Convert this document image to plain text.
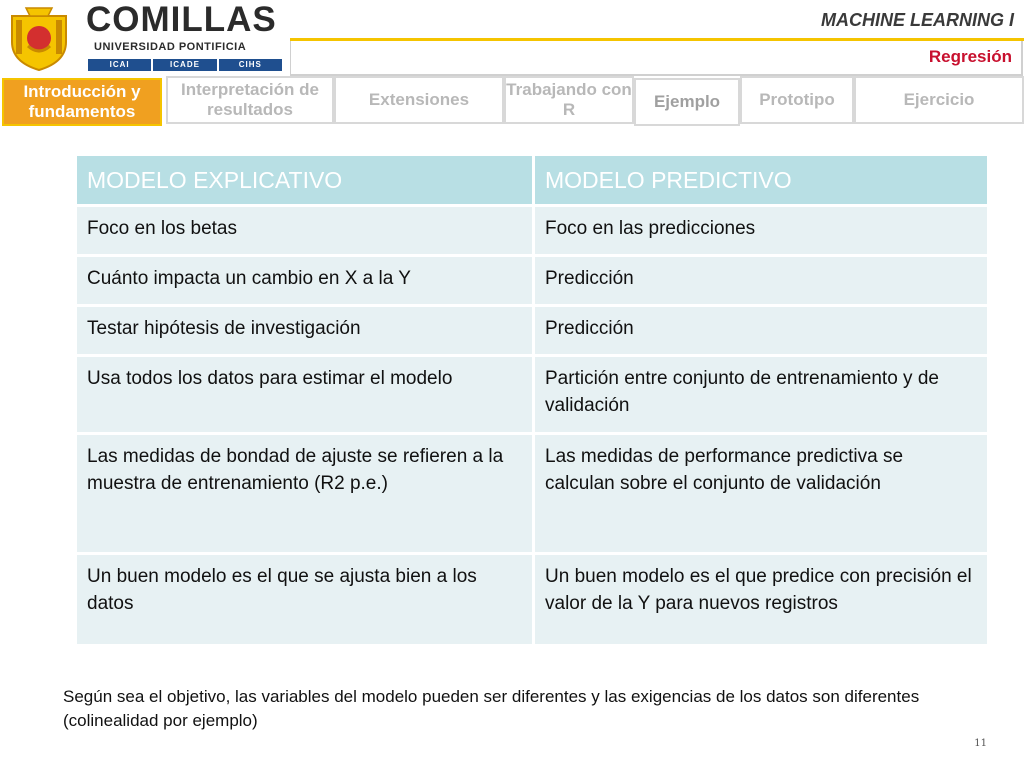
COMILLAS
UNIVERSIDAD PONTIFICIA
ICAI	ICADE	CIHS
MACHINE LEARNING I
Regresión
Introducción y fundamentos
Interpretación de resultados
Extensiones
Trabajando con R	Ejemplo Prototipo	Ejercicio
MODELO EXPLICATIVO	MODELO PREDICTIVO
Foco en los betas	Foco en las predicciones
Cuánto impacta un cambio en X a la Y	Predicción
Testar hipótesis de investigación	Predicción
Usa todos los datos para estimar el modelo	Partición entre conjunto de entrenamiento y de validación
Las medidas de bondad de ajuste se refieren a la muestra de entrenamiento (R2 p.e.)	Las medidas de performance predictiva se calculan sobre el conjunto de validación
Un buen modelo es el que se ajusta bien a los datos	Un buen modelo es el que predice con precisión el valor de la Y para nuevos registros
Según sea el objetivo, las variables del modelo pueden ser diferentes y las exigencias de los datos son diferentes (colinealidad por ejemplo)
11
